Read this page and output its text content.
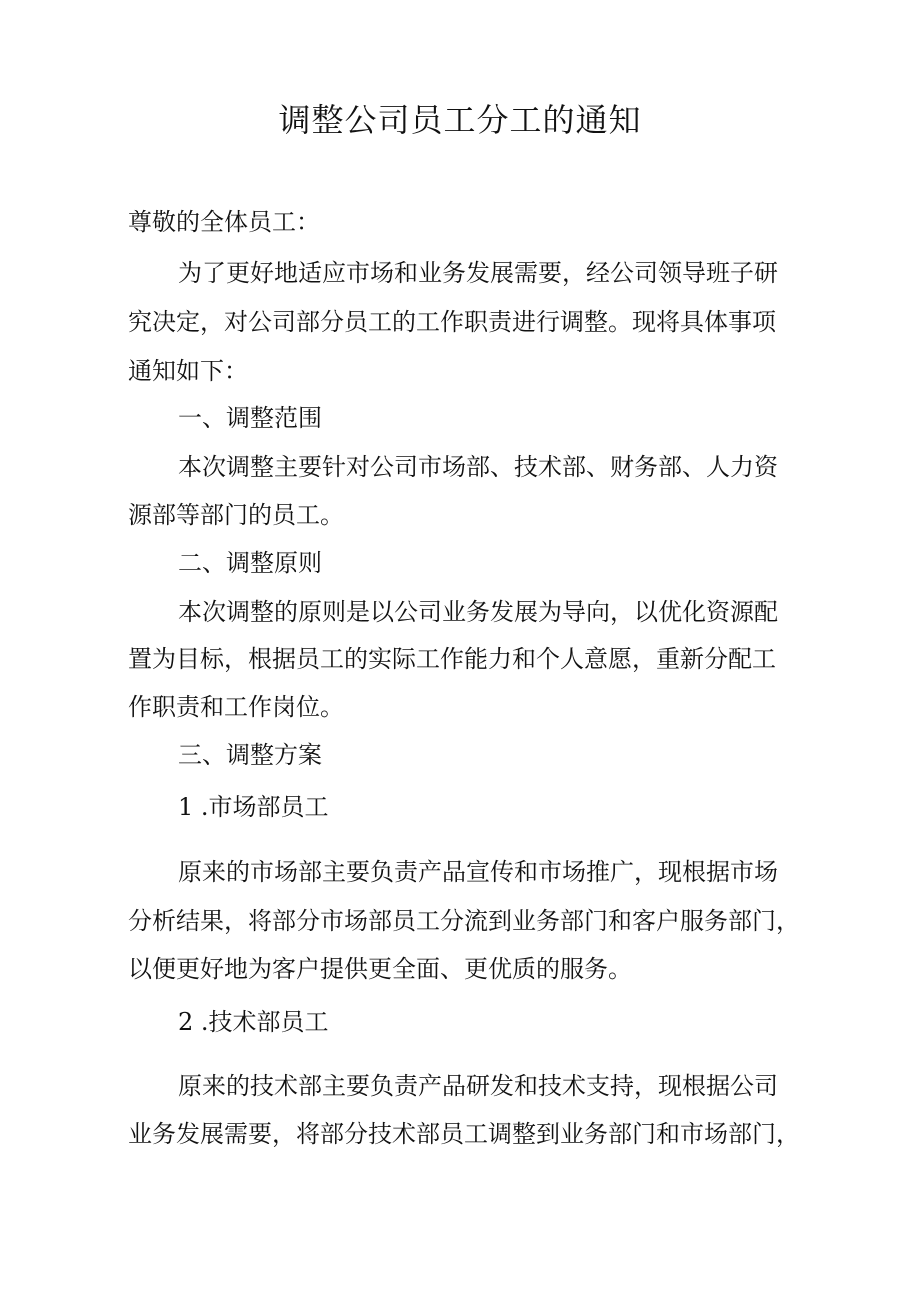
调整公司员工分工的通知
尊敬的全体员工：
为了更好地适应市场和业务发展需要，经公司领导班子研
究决定，对公司部分员工的工作职责进行调整。现将具体事项
通知如下：
一、调整范围
本次调整主要针对公司市场部、技术部、财务部、人力资
源部等部门的员工。
二、调整原则
本次调整的原则是以公司业务发展为导向，以优化资源配
置为目标，根据员工的实际工作能力和个人意愿，重新分配工
作职责和工作岗位。
三、调整方案
1 .市场部员工
原来的市场部主要负责产品宣传和市场推广，现根据市场
分析结果，将部分市场部员工分流到业务部门和客户服务部门，
以便更好地为客户提供更全面、更优质的服务。
2 .技术部员工
原来的技术部主要负责产品研发和技术支持，现根据公司
业务发展需要，将部分技术部员工调整到业务部门和市场部门，
